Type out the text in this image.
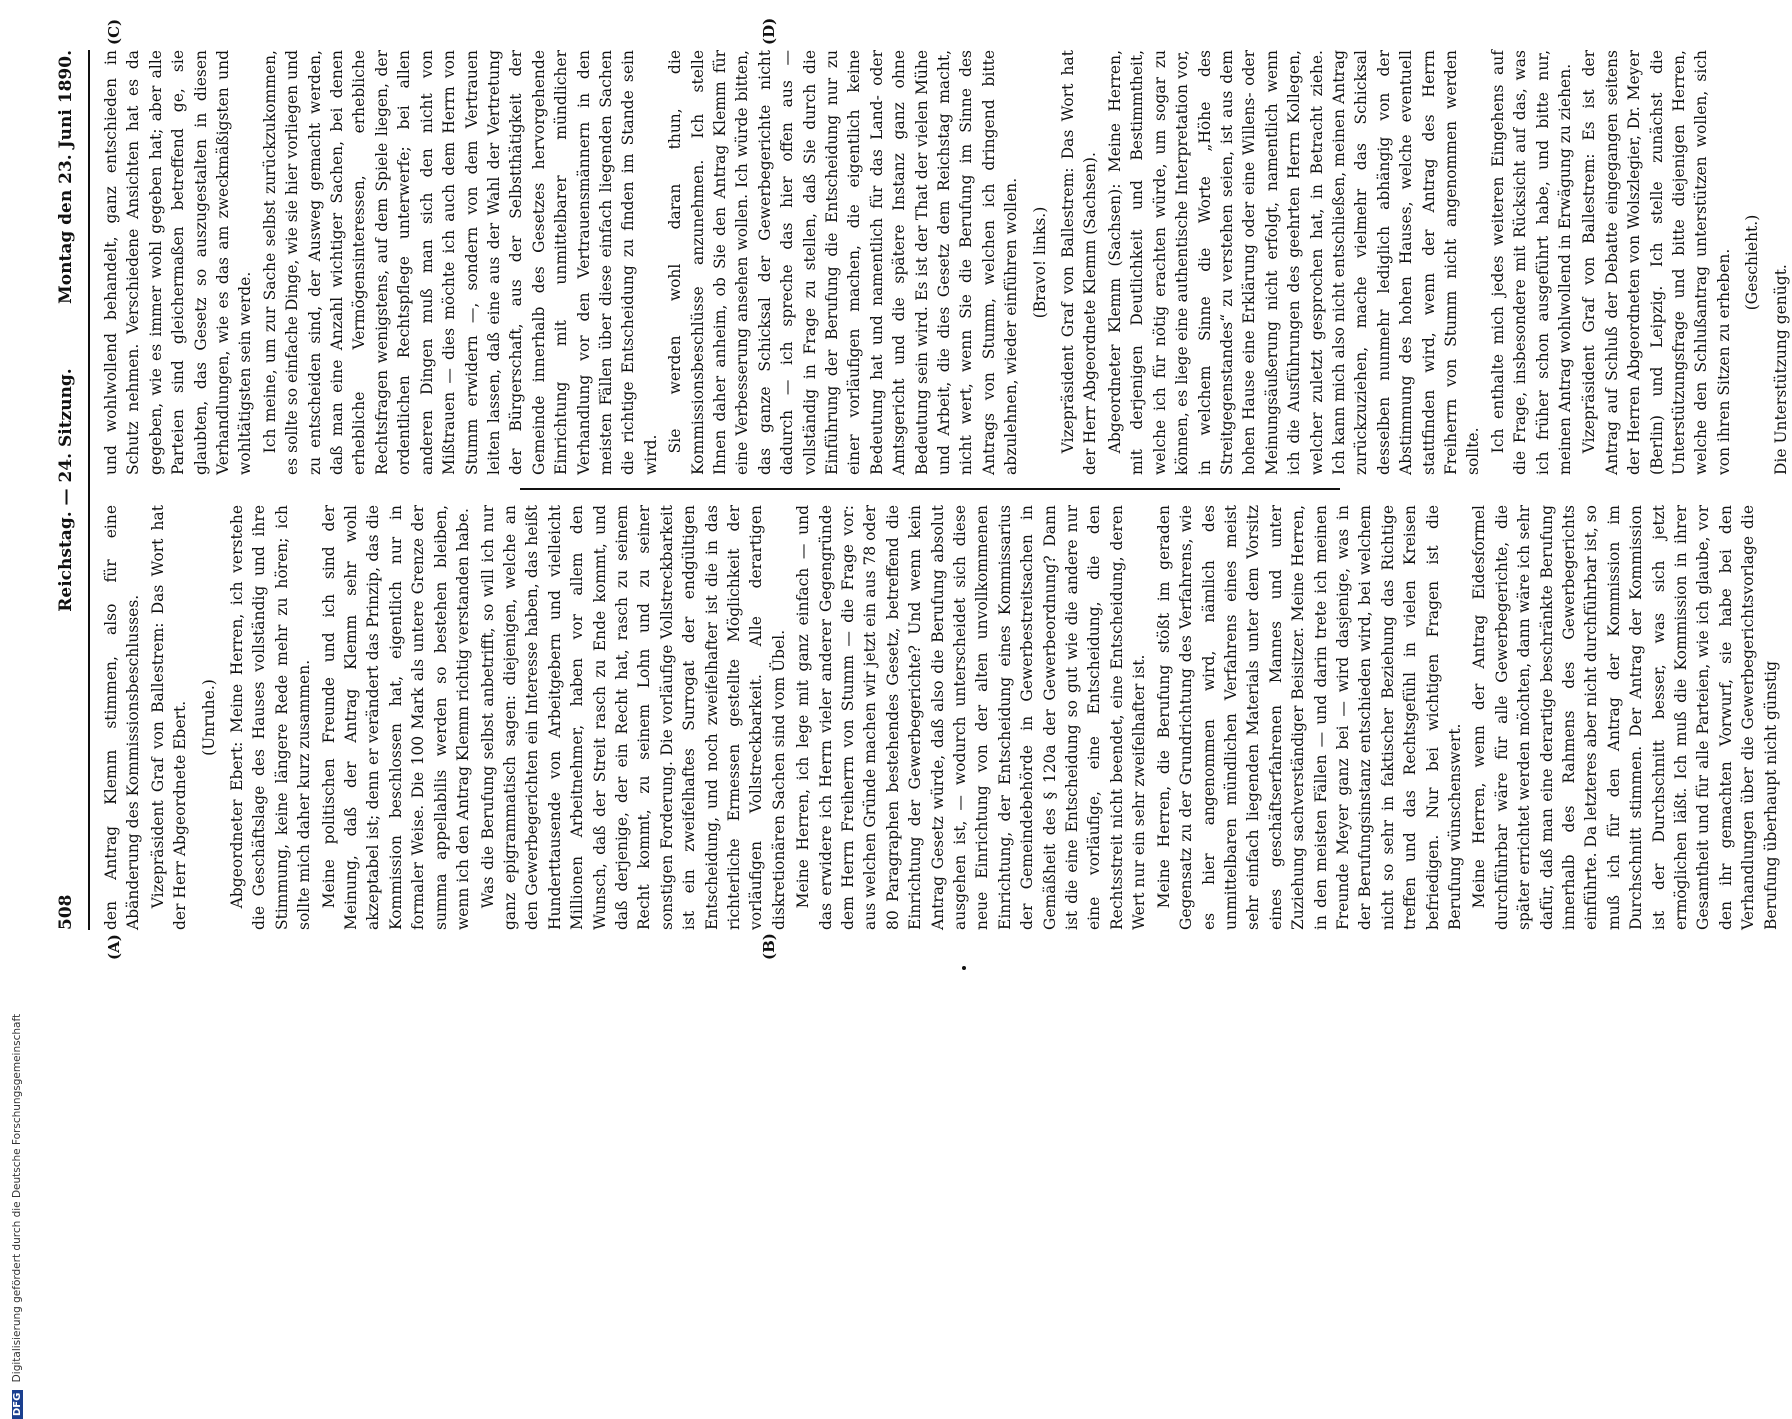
508
Reichstag. — 24. Sitzung.
Montag den 23. Juni 1890.
(A)	(B)
(C)	(D)

den Antrag Klemm stimmen, also für eine Abänderung des Kommissionsbeschlusses. Vizepräsident Graf von Ballestrem: Das Wort hat der Herr Abgeordnete Ebert. (Unruhe.) Abgeordneter Ebert: Meine Herren, ich verstehe die Geschäftslage des Hauses vollständig und ihre Stimmung, keine längere Rede mehr zu hören; ich sollte mich daher kurz zusammen. Meine politischen Freunde und ich sind der Meinung, daß der Antrag Klemm sehr wohl akzeptabel ist; denn er verändert das Prinzip, das die Kommission beschlossen hat, eigentlich nur in formaler Weise. Die 100 Mark als untere Grenze der summa appellabilis werden so bestehen bleiben, wenn ich den Antrag Klemm richtig verstanden habe. Was die Berufung selbst anbetrifft, so will ich nur ganz epigrammatisch sagen: diejenigen, welche an den Gewerbegerichten ein Interesse haben, das heißt Hunderttausende von Arbeitgebern und vielleicht Millionen Arbeitnehmer, haben vor allem den Wunsch, daß der Streit rasch zu Ende kommt, und daß derjenige, der ein Recht hat, rasch zu seinem Recht kommt, zu seinem Lohn und zu seiner sonstigen Forderung. Die vorläufige Vollstreckbarkeit ist ein zweifelhaftes Surrogat der endgültigen Entscheidung, und noch zweifelhafter ist die in das richterliche Ermessen gestellte Möglichkeit der vorläufigen Vollstreckbarkeit. Alle derartigen diskretionären Sachen sind vom Übel. Meine Herren, ich lege mit ganz einfach — und das erwidere ich Herrn vieler anderer Gegengründe dem Herrn Freiherrn von Stumm — die Frage vor: aus welchen Gründe machen wir jetzt ein aus 78 oder 80 Paragraphen bestehendes Gesetz, betreffend die Einrichtung der Gewerbegerichte? Und wenn kein Antrag Gesetz würde, daß also die Berufung absolut ausgehen ist, — wodurch unterscheidet sich diese neue Einrichtung von der alten unvollkommenen Einrichtung, der Entscheidung eines Kommissarius der Gemeindebehörde in Gewerbestreitsachen in Gemäßheit des § 120a der Gewerbeordnung? Dann ist die eine Entscheidung so gut wie die andere nur eine vorläufige, eine Entscheidung, die den Rechtsstreit nicht beendet, eine Entscheidung, deren Wert nur ein sehr zweifelhafter ist. Meine Herren, die Berufung stößt im geraden Gegensatz zu der Grundrichtung des Verfahrens, wie es hier angenommen wird, nämlich des unmittelbaren mündlichen Verfahrens eines meist sehr einfach liegenden Materials unter dem Vorsitz eines geschäftserfahrenen Mannes und unter Zuziehung sachverständiger Beisitzer. Meine Herren, in den meisten Fällen — und darin trete ich meinen Freunde Meyer ganz bei — wird dasjenige, was in der Berufungsinstanz entschieden wird, bei welchem nicht so sehr in faktischer Beziehung das Richtige treffen und das Rechtsgefühl in vielen Kreisen befriedigen. Nur bei wichtigen Fragen ist die Berufung wünschenswert. Meine Herren, wenn der Antrag Eidesformel durchführbar wäre für alle Gewerbegerichte, die später errichtet werden möchten, dann wäre ich sehr dafür, daß man eine derartige beschränkte Berufung innerhalb des Rahmens des Gewerbegerichts einführte. Da letzteres aber nicht durchführbar ist, so muß ich für den Antrag der Kommission im Durchschnitt stimmen. Der Antrag der Kommission ist der Durchschnitt besser, was sich jetzt ermöglichen läßt. Ich muß die Kommission in ihrer Gesamtheit und für alle Parteien, wie ich glaube, vor den ihr gemachten Vorwurf, sie habe bei den Verhandlungen über die Gewerbegerichtsvorlage die Berufung überhaupt nicht günstig

und wohlwollend behandelt, ganz entschieden in Schutz nehmen. Verschiedene Ansichten hat es da gegeben, wie es immer wohl gegeben hat; aber alle Parteien sind gleichermaßen betreffend ge, sie glaubten, das Gesetz so auszugestalten in diesen Verhandlungen, wie es das am zweckmäßigsten und wohltätigsten sein werde. Ich meine, um zur Sache selbst zurückzukommen, es sollte so einfache Dinge, wie sie hier vorliegen und zu entscheiden sind, der Ausweg gemacht werden, daß man eine Anzahl wichtiger Sachen, bei denen erhebliche Vermögensinteressen, erhebliche Rechtsfragen wenigstens, auf dem Spiele liegen, der ordentlichen Rechtspflege unterwerfe; bei allen anderen Dingen muß man sich den nicht von Mißtrauen — dies möchte ich auch dem Herrn von Stumm erwidern —, sondern von dem Vertrauen leiten lassen, daß eine aus der Wahl der Vertretung der Bürgerschaft, aus der Selbstthätigkeit der Gemeinde innerhalb des Gesetzes hervorgehende Einrichtung mit unmittelbarer mündlicher Verhandlung vor den Vertrauensmännern in den meisten Fällen über diese einfach liegenden Sachen die richtige Entscheidung zu finden im Stande sein wird.

Sie werden wohl daran thun, die Kommissionsbeschlüsse anzunehmen. Ich stelle Ihnen daher anheim, ob Sie den Antrag Klemm für eine Verbesserung ansehen wollen. Ich würde bitten, das ganze Schicksal der Gewerbegerichte nicht dadurch — ich spreche das hier offen aus — vollständig in Frage zu stellen, daß Sie durch die Einführung der Berufung die Entscheidung nur zu einer vorläufigen machen, die eigentlich keine Bedeutung hat und namentlich für das Land- oder Amtsgericht und die spätere Instanz ganz ohne Bedeutung sein wird. Es ist der That der vielen Mühe und Arbeit, die dies Gesetz dem Reichstag macht, nicht wert, wenn Sie die Berufung im Sinne des Antrags von Stumm, welchen ich dringend bitte abzulehnen, wieder einführen wollen. (Bravo! links.) Vizepräsident Graf von Ballestrem: Das Wort hat der Herr Abgeordnete Klemm (Sachsen). Abgeordneter Klemm (Sachsen): Meine Herren, mit derjenigen Deutlichkeit und Bestimmtheit, welche ich für nötig erachten würde, um sogar zu können, es liege eine authentische Interpretation vor, in welchem Sinne die Worte „Höhe des Streitgegenstandes“ zu verstehen seien, ist aus dem hohen Hause eine Erklärung oder eine Willens- oder Meinungsäußerung nicht erfolgt, namentlich wenn ich die Ausführungen des geehrten Herrn Kollegen, welcher zuletzt gesprochen hat, in Betracht ziehe. Ich kann mich also nicht entschließen, meinen Antrag zurückzuziehen, mache vielmehr das Schicksal desselben nunmehr lediglich abhängig von der Abstimmung des hohen Hauses, welche eventuell stattfinden wird, wenn der Antrag des Herrn Freiherrn von Stumm nicht angenommen werden sollte. Ich enthalte mich jedes weiteren Eingehens auf die Frage, insbesondere mit Rücksicht auf das, was ich früher schon ausgeführt habe, und bitte nur, meinen Antrag wohlwollend in Erwägung zu ziehen. Vizepräsident Graf von Ballestrem: Es ist der Antrag auf Schluß der Debatte eingegangen seitens der Herren Abgeordneten von Wolszlegier, Dr. Meyer (Berlin) und Leipzig. Ich stelle zunächst die Unterstützungsfrage und bitte diejenigen Herren, welche den Schlußantrag unterstützen wollen, sich von ihren Sitzen zu erheben. (Geschieht.)

Die Unterstützung genügt.

DFG Digitalisierung gefördert durch die Deutsche Forschungsgemeinschaft
